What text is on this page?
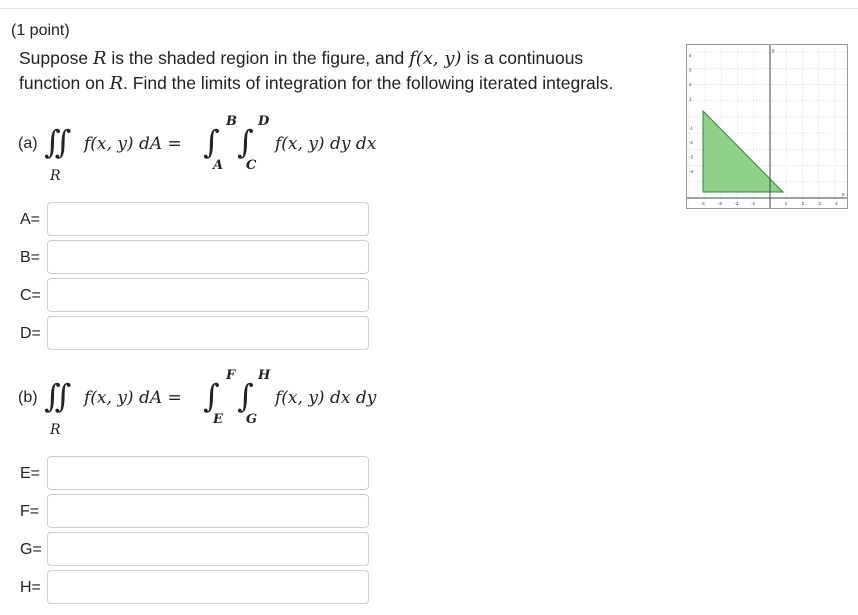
(1 point)
Suppose R is the shaded region in the figure, and f(x, y) is a continuous
function on R. Find the limits of integration for the following iterated integrals.
(a) ∬
R
f(x, y) dA = ∫
B
A
∫
D
C
f(x, y) dy dx
(b) ∬
R
f(x, y) dA = ∫
F
E
∫
H
G
f(x, y) dx dy
A=
B=
C=
D=
E=
F=
G=
H=
-4	-3	-2	-1	1	2	3	4
4
3
2
1
-1
-2
-3
-4
x
y
